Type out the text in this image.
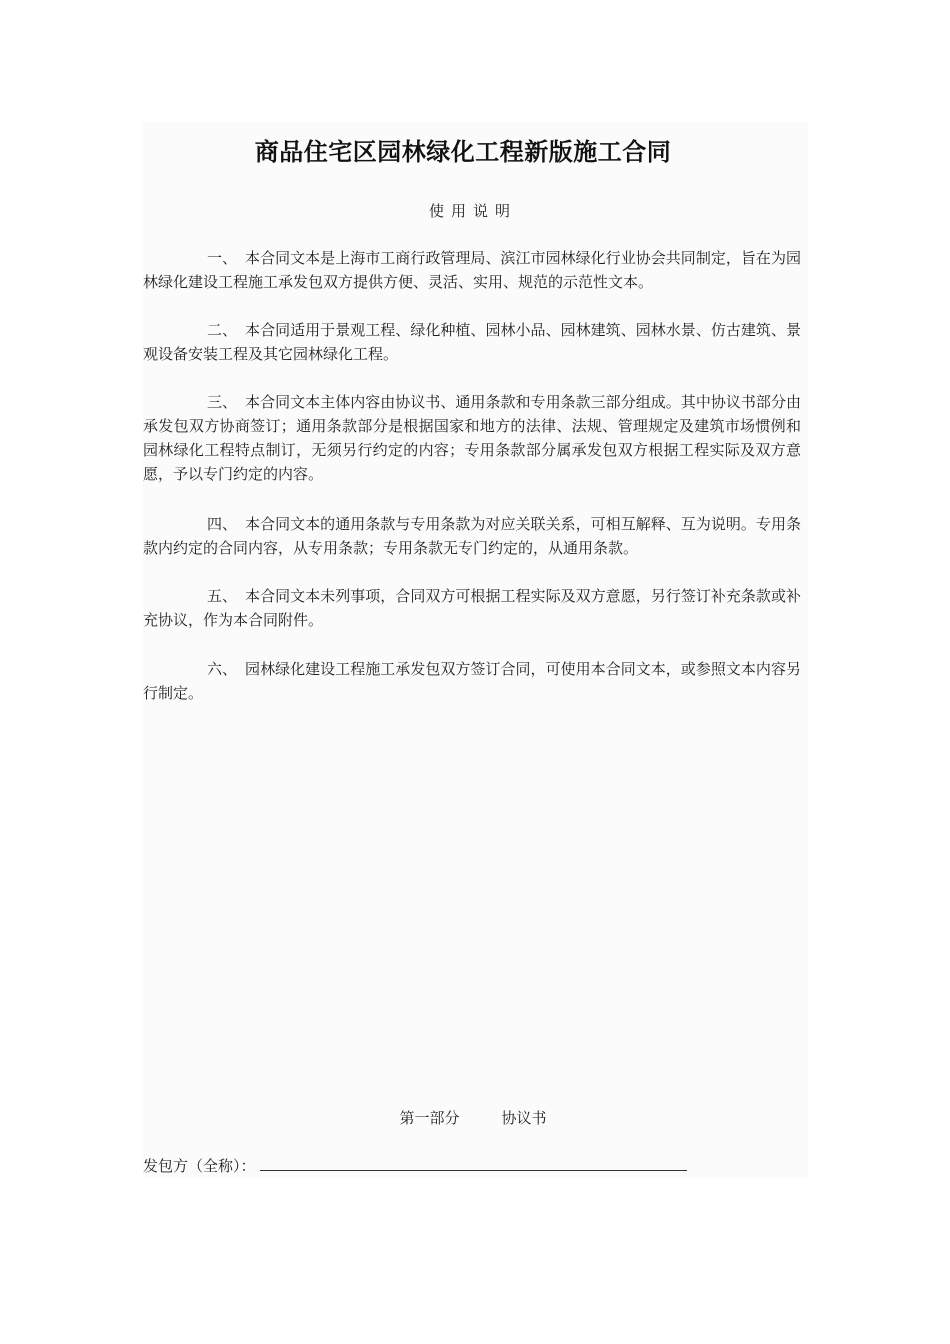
商品住宅区园林绿化工程新版施工合同
使用说明

一、 本合同文本是上海市工商行政管理局、滨江市园林绿化行业协会共同制定，旨在为园林绿化建设工程施工承发包双方提供方便、灵活、实用、规范的示范性文本。

二、 本合同适用于景观工程、绿化种植、园林小品、园林建筑、园林水景、仿古建筑、景观设备安装工程及其它园林绿化工程。

三、 本合同文本主体内容由协议书、通用条款和专用条款三部分组成。其中协议书部分由承发包双方协商签订；通用条款部分是根据国家和地方的法律、法规、管理规定及建筑市场惯例和园林绿化工程特点制订，无须另行约定的内容；专用条款部分属承发包双方根据工程实际及双方意愿，予以专门约定的内容。

四、 本合同文本的通用条款与专用条款为对应关联关系，可相互解释、互为说明。专用条款内约定的合同内容，从专用条款；专用条款无专门约定的，从通用条款。

五、 本合同文本未列事项，合同双方可根据工程实际及双方意愿，另行签订补充条款或补充协议，作为本合同附件。

六、 园林绿化建设工程施工承发包双方签订合同，可使用本合同文本，或参照文本内容另行制定。

第一部分	协议书
发包方（全称）：
